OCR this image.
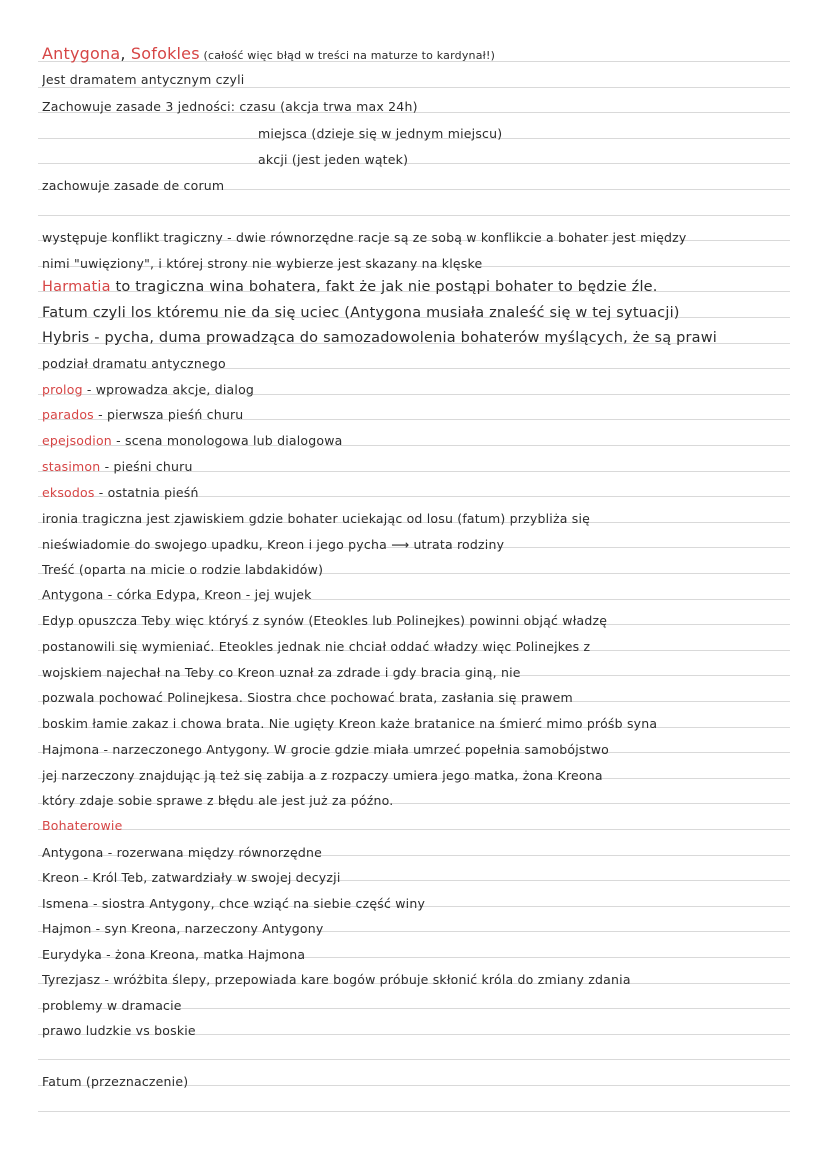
Antygona, Sofokles (całość więc błąd w treści na maturze to kardynał!)
Jest dramatem antycznym czyli
Zachowuje zasade 3 jedności: czasu (akcja trwa max 24h)
miejsca (dzieje się w jednym miejscu)
akcji (jest jeden wątek)
zachowuje zasade de corum
występuje konflikt tragiczny - dwie równorzędne racje są ze sobą w konflikcie a bohater jest między
nimi "uwięziony", i której strony nie wybierze jest skazany na klęske
Harmatia to tragiczna wina bohatera, fakt że jak nie postąpi bohater to będzie źle.
Fatum czyli los któremu nie da się uciec (Antygona musiała znaleść się w tej sytuacji)
Hybris - pycha, duma prowadząca do samozadowolenia bohaterów myślących, że są prawi
podział dramatu antycznego
prolog - wprowadza akcje, dialog
parados - pierwsza pieśń churu
epejsodion - scena monologowa lub dialogowa
stasimon - pieśni churu
eksodos - ostatnia pieśń
ironia tragiczna jest zjawiskiem gdzie bohater uciekając od losu (fatum) przybliża się
nieświadomie do swojego upadku, Kreon i jego pycha ⟶ utrata rodziny
Treść (oparta na micie o rodzie labdakidów)
Antygona - córka Edypa, Kreon - jej wujek
Edyp opuszcza Teby więc któryś z synów (Eteokles lub Polinejkes) powinni objąć władzę
postanowili się wymieniać. Eteokles jednak nie chciał oddać władzy więc Polinejkes z
wojskiem najechał na Teby co Kreon uznał za zdrade i gdy bracia giną, nie
pozwala pochować Polinejkesa. Siostra chce pochować brata, zasłania się prawem
boskim łamie zakaz i chowa brata. Nie ugięty Kreon każe bratanice na śmierć mimo próśb syna
Hajmona - narzeczonego Antygony. W grocie gdzie miała umrzeć popełnia samobójstwo
jej narzeczony znajdując ją też się zabija a z rozpaczy umiera jego matka, żona Kreona
który zdaje sobie sprawe z błędu ale jest już za późno.
Bohaterowie
Antygona - rozerwana między równorzędne
Kreon - Król Teb, zatwardziały w swojej decyzji
Ismena - siostra Antygony, chce wziąć na siebie część winy
Hajmon - syn Kreona, narzeczony Antygony
Eurydyka - żona Kreona, matka Hajmona
Tyrezjasz - wróżbita ślepy, przepowiada kare bogów próbuje skłonić króla do zmiany zdania
problemy w dramacie
prawo ludzkie vs boskie
Fatum (przeznaczenie)
